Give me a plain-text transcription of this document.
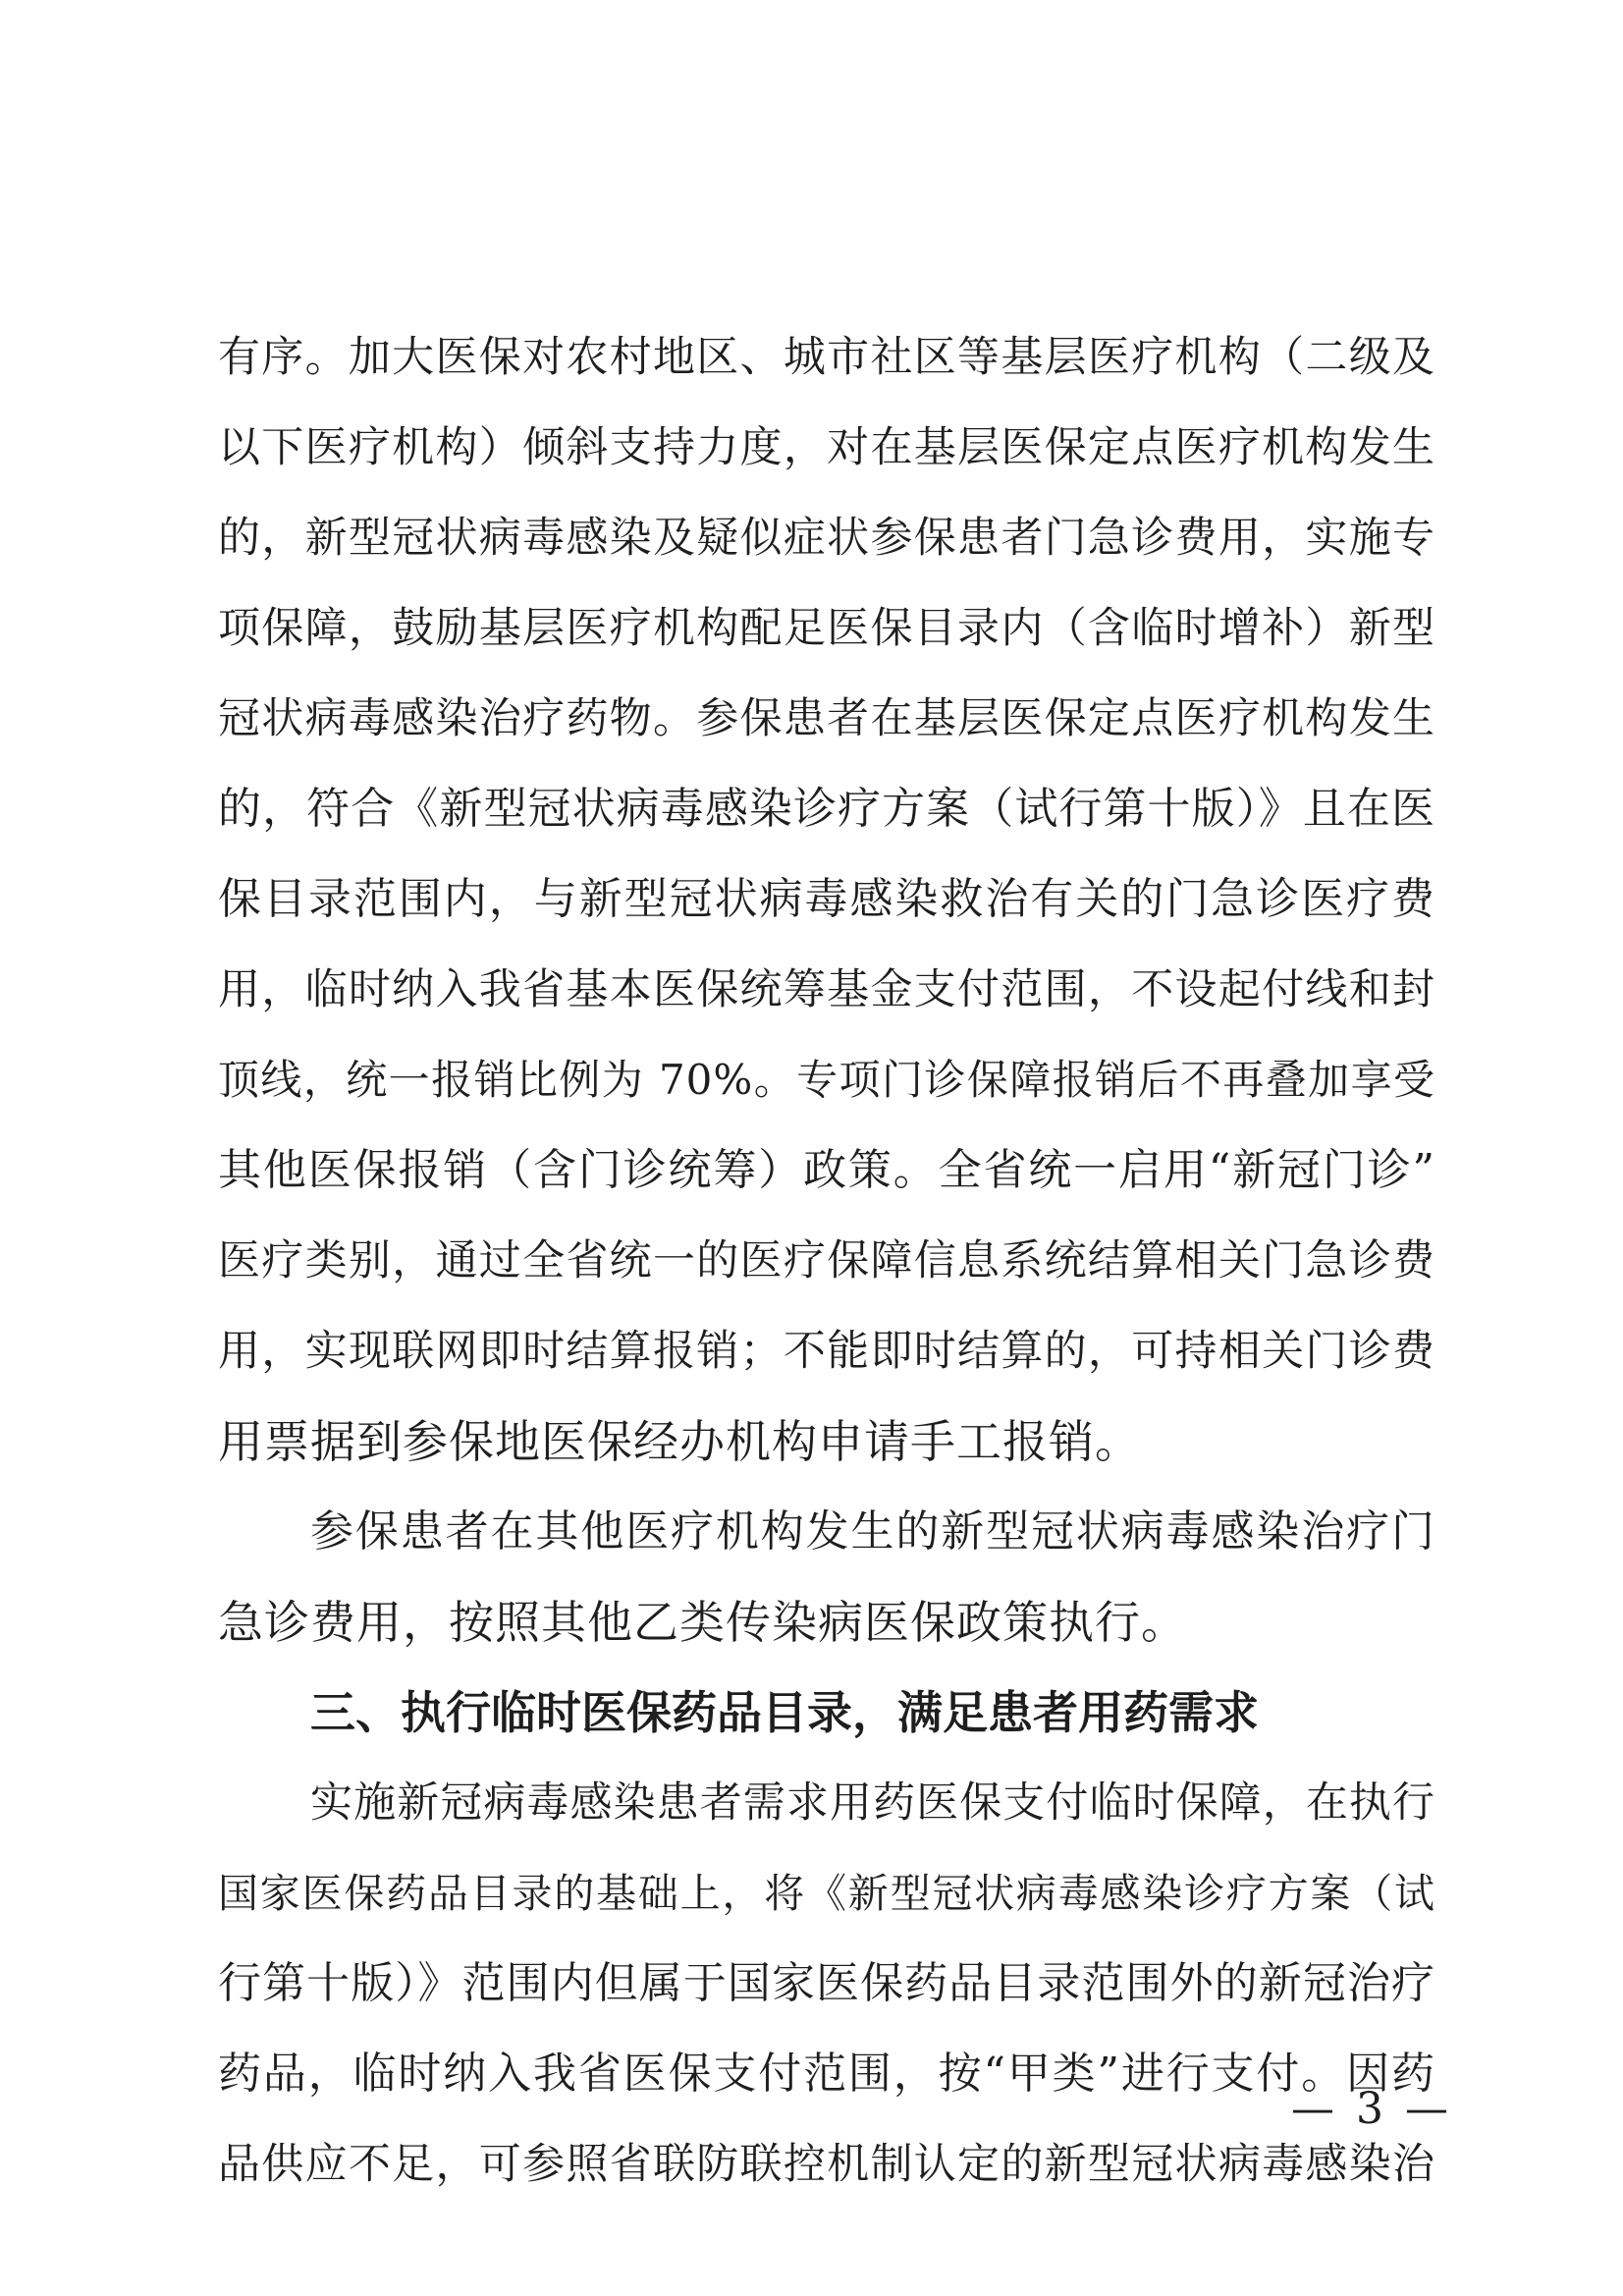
有序。加大医保对农村地区、城市社区等基层医疗机构（二级及
以下医疗机构）倾斜支持力度，对在基层医保定点医疗机构发生
的，新型冠状病毒感染及疑似症状参保患者门急诊费用，实施专
项保障，鼓励基层医疗机构配足医保目录内（含临时增补）新型
冠状病毒感染治疗药物。参保患者在基层医保定点医疗机构发生
的，符合《新型冠状病毒感染诊疗方案（试行第十版）》且在医
保目录范围内，与新型冠状病毒感染救治有关的门急诊医疗费
用，临时纳入我省基本医保统筹基金支付范围，不设起付线和封
顶线，统一报销比例为 70%。专项门诊保障报销后不再叠加享受
其他医保报销（含门诊统筹）政策。全省统一启用“新冠门诊”
医疗类别，通过全省统一的医疗保障信息系统结算相关门急诊费
用，实现联网即时结算报销；不能即时结算的，可持相关门诊费
用票据到参保地医保经办机构申请手工报销。
参保患者在其他医疗机构发生的新型冠状病毒感染治疗门
急诊费用，按照其他乙类传染病医保政策执行。
三、执行临时医保药品目录，满足患者用药需求
实施新冠病毒感染患者需求用药医保支付临时保障，在执行
国家医保药品目录的基础上，将《新型冠状病毒感染诊疗方案（试
行第十版）》范围内但属于国家医保药品目录范围外的新冠治疗
药品，临时纳入我省医保支付范围，按“甲类”进行支付。因药
品供应不足，可参照省联防联控机制认定的新型冠状病毒感染治
— 3 —
